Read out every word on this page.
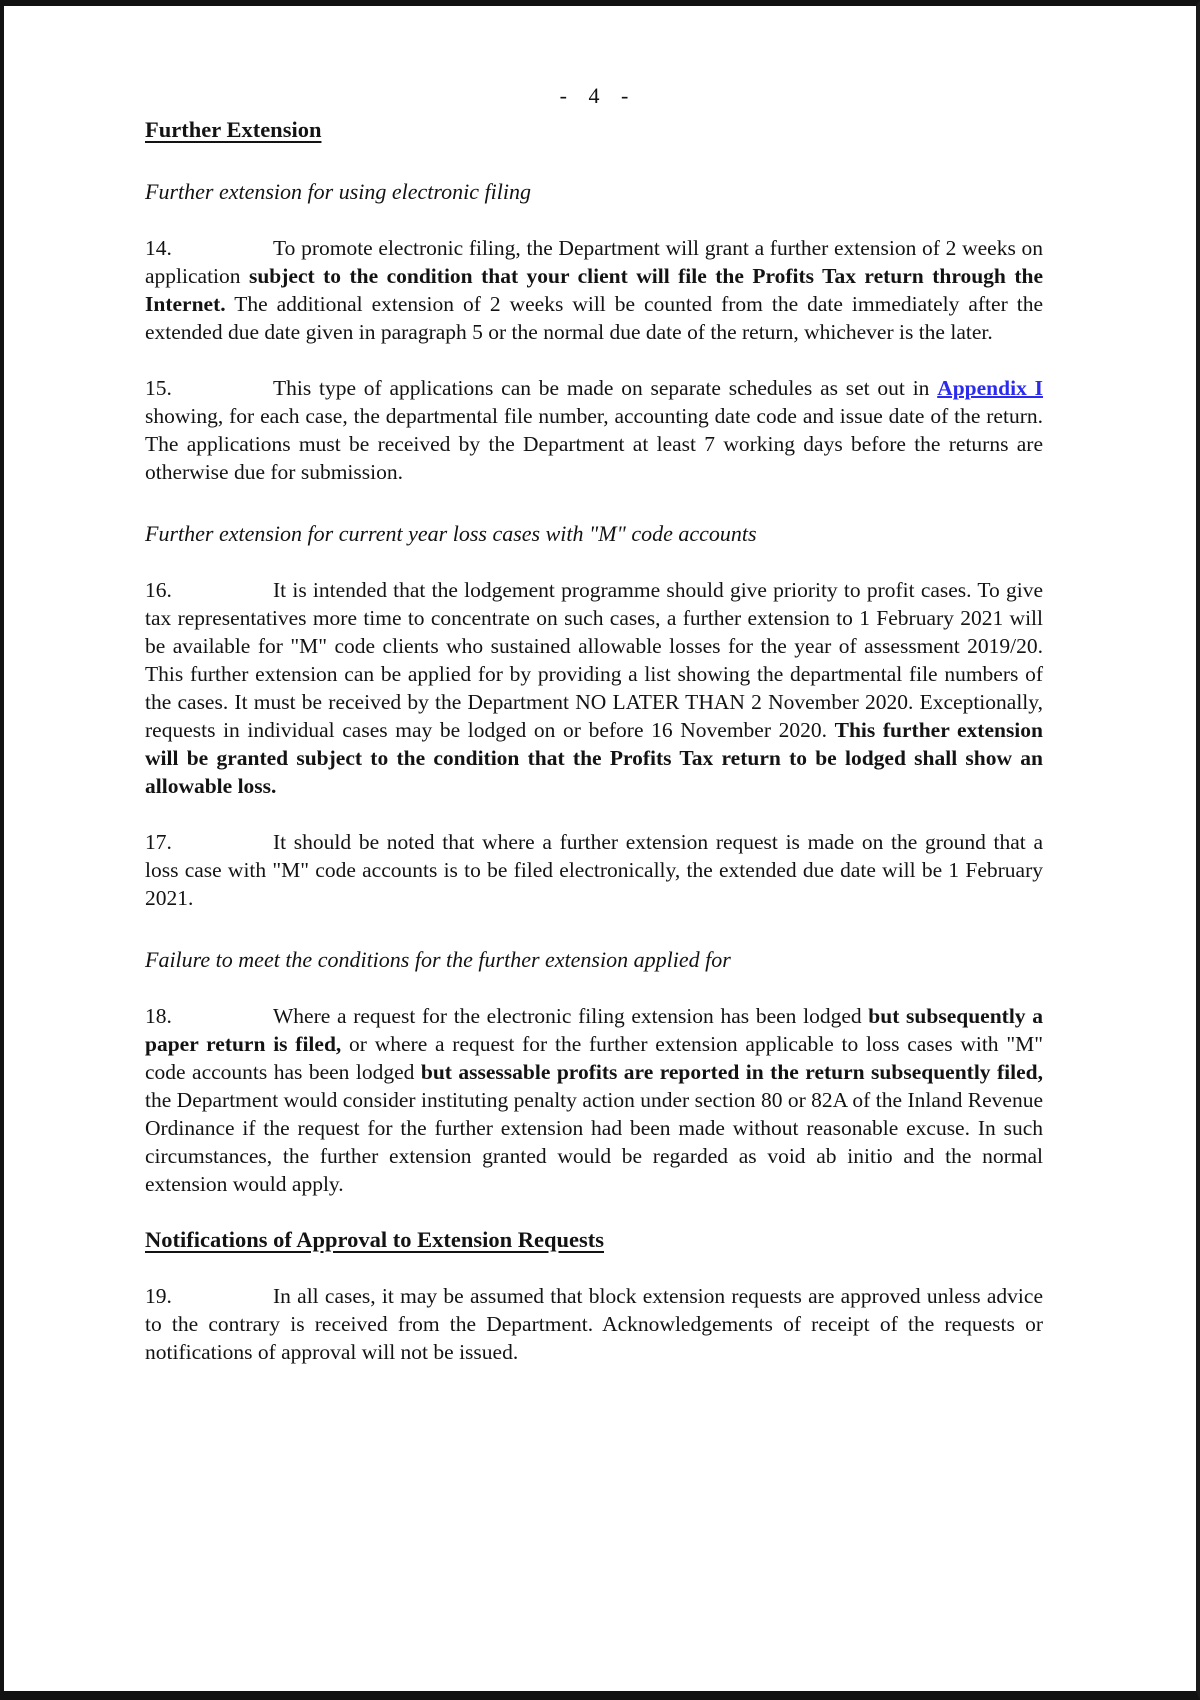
- 4 -
Further Extension
Further extension for using electronic filing

14.	To promote electronic filing, the Department will grant a further extension of 2 weeks on application subject to the condition that your client will file the Profits Tax return through the Internet. The additional extension of 2 weeks will be counted from the date immediately after the extended due date given in paragraph 5 or the normal due date of the return, whichever is the later.

15.	This type of applications can be made on separate schedules as set out in Appendix I showing, for each case, the departmental file number, accounting date code and issue date of the return. The applications must be received by the Department at least 7 working days before the returns are otherwise due for submission.

Further extension for current year loss cases with "M" code accounts

16.	It is intended that the lodgement programme should give priority to profit cases. To give tax representatives more time to concentrate on such cases, a further extension to 1 February 2021 will be available for "M" code clients who sustained allowable losses for the year of assessment 2019/20. This further extension can be applied for by providing a list showing the departmental file numbers of the cases. It must be received by the Department NO LATER THAN 2 November 2020. Exceptionally, requests in individual cases may be lodged on or before 16 November 2020. This further extension will be granted subject to the condition that the Profits Tax return to be lodged shall show an allowable loss.

17.	It should be noted that where a further extension request is made on the ground that a loss case with "M" code accounts is to be filed electronically, the extended due date will be 1 February 2021.

Failure to meet the conditions for the further extension applied for

18.	Where a request for the electronic filing extension has been lodged but subsequently a paper return is filed, or where a request for the further extension applicable to loss cases with "M" code accounts has been lodged but assessable profits are reported in the return subsequently filed, the Department would consider instituting penalty action under section 80 or 82A of the Inland Revenue Ordinance if the request for the further extension had been made without reasonable excuse. In such circumstances, the further extension granted would be regarded as void ab initio and the normal extension would apply.

Notifications of Approval to Extension Requests

19.	In all cases, it may be assumed that block extension requests are approved unless advice to the contrary is received from the Department. Acknowledgements of receipt of the requests or notifications of approval will not be issued.
